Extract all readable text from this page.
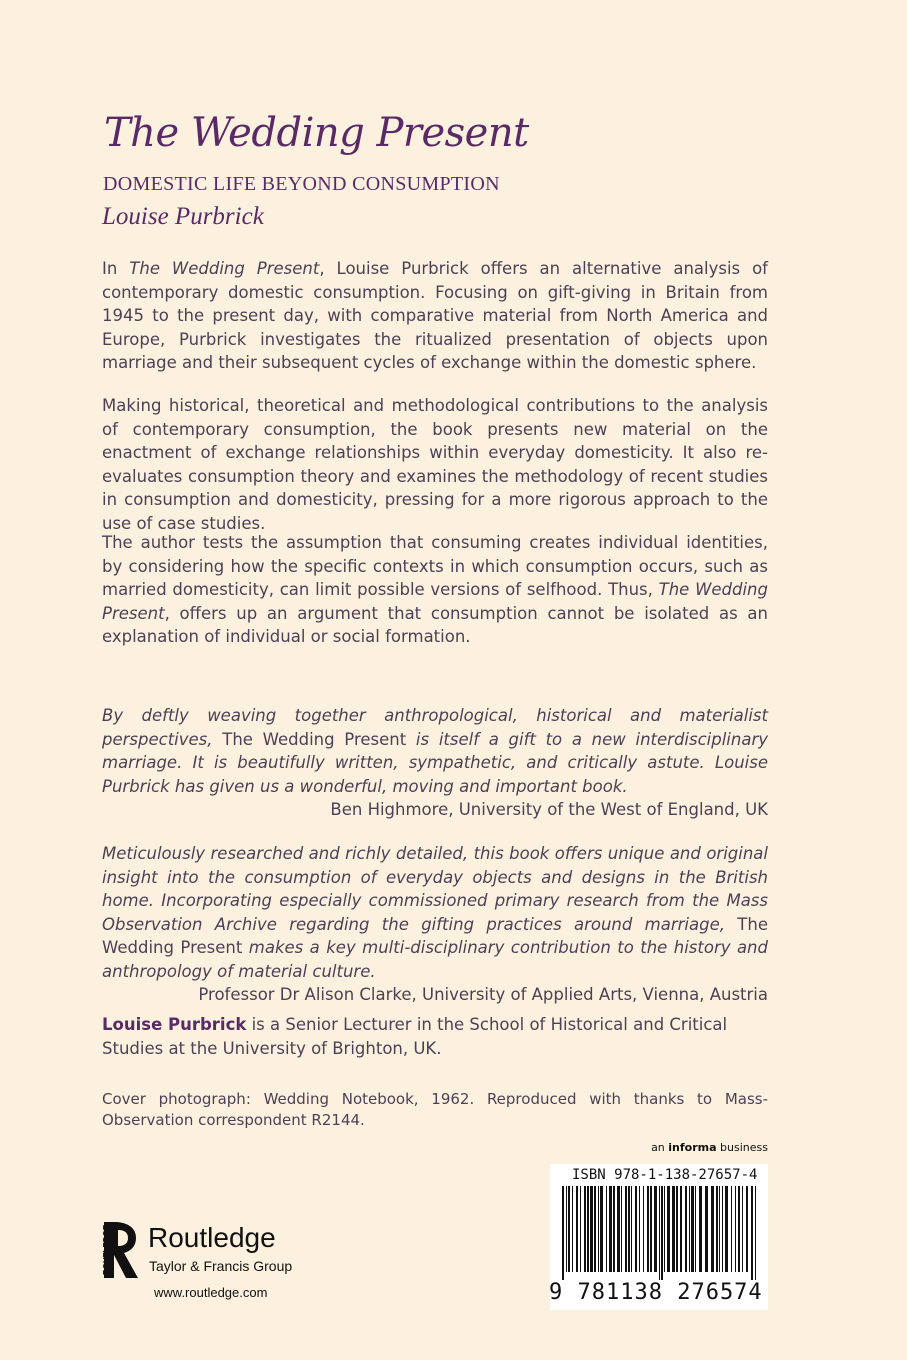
The Wedding Present
DOMESTIC LIFE BEYOND CONSUMPTION
Louise Purbrick

In The Wedding Present, Louise Purbrick offers an alternative analysis of contemporary domestic consumption. Focusing on gift-giving in Britain from 1945 to the present day, with comparative material from North America and Europe, Purbrick investigates the ritualized presentation of objects upon marriage and their subsequent cycles of exchange within the domestic sphere.

Making historical, theoretical and methodological contributions to the analysis of contemporary consumption, the book presents new material on the enactment of exchange relationships within everyday domesticity. It also re-evaluates consumption theory and examines the methodology of recent studies in consumption and domesticity, pressing for a more rigorous approach to the use of case studies.

The author tests the assumption that consuming creates individual identities, by considering how the specific contexts in which consumption occurs, such as married domesticity, can limit possible versions of selfhood. Thus, The Wedding Present, offers up an argument that consumption cannot be isolated as an explanation of individual or social formation.

By deftly weaving together anthropological, historical and materialist perspectives, The Wedding Present is itself a gift to a new interdisciplinary marriage. It is beautifully written, sympathetic, and critically astute. Louise Purbrick has given us a wonderful, moving and important book.
Ben Highmore, University of the West of England, UK
Meticulously researched and richly detailed, this book offers unique and original insight into the consumption of everyday objects and designs in the British home. Incorporating especially commissioned primary research from the Mass Observation Archive regarding the gifting practices around marriage, The Wedding Present makes a key multi-disciplinary contribution to the history and anthropology of material culture.
Professor Dr Alison Clarke, University of Applied Arts, Vienna, Austria

Louise Purbrick is a Senior Lecturer in the School of Historical and Critical Studies at the University of Brighton, UK.

Cover photograph: Wedding Notebook, 1962. Reproduced with thanks to Mass-Observation correspondent R2144.

an informa business
ISBN 978-1-138-27657-4
9 781138 276574
ROUTLEDGE Routledge
Taylor & Francis Group
www.routledge.com
